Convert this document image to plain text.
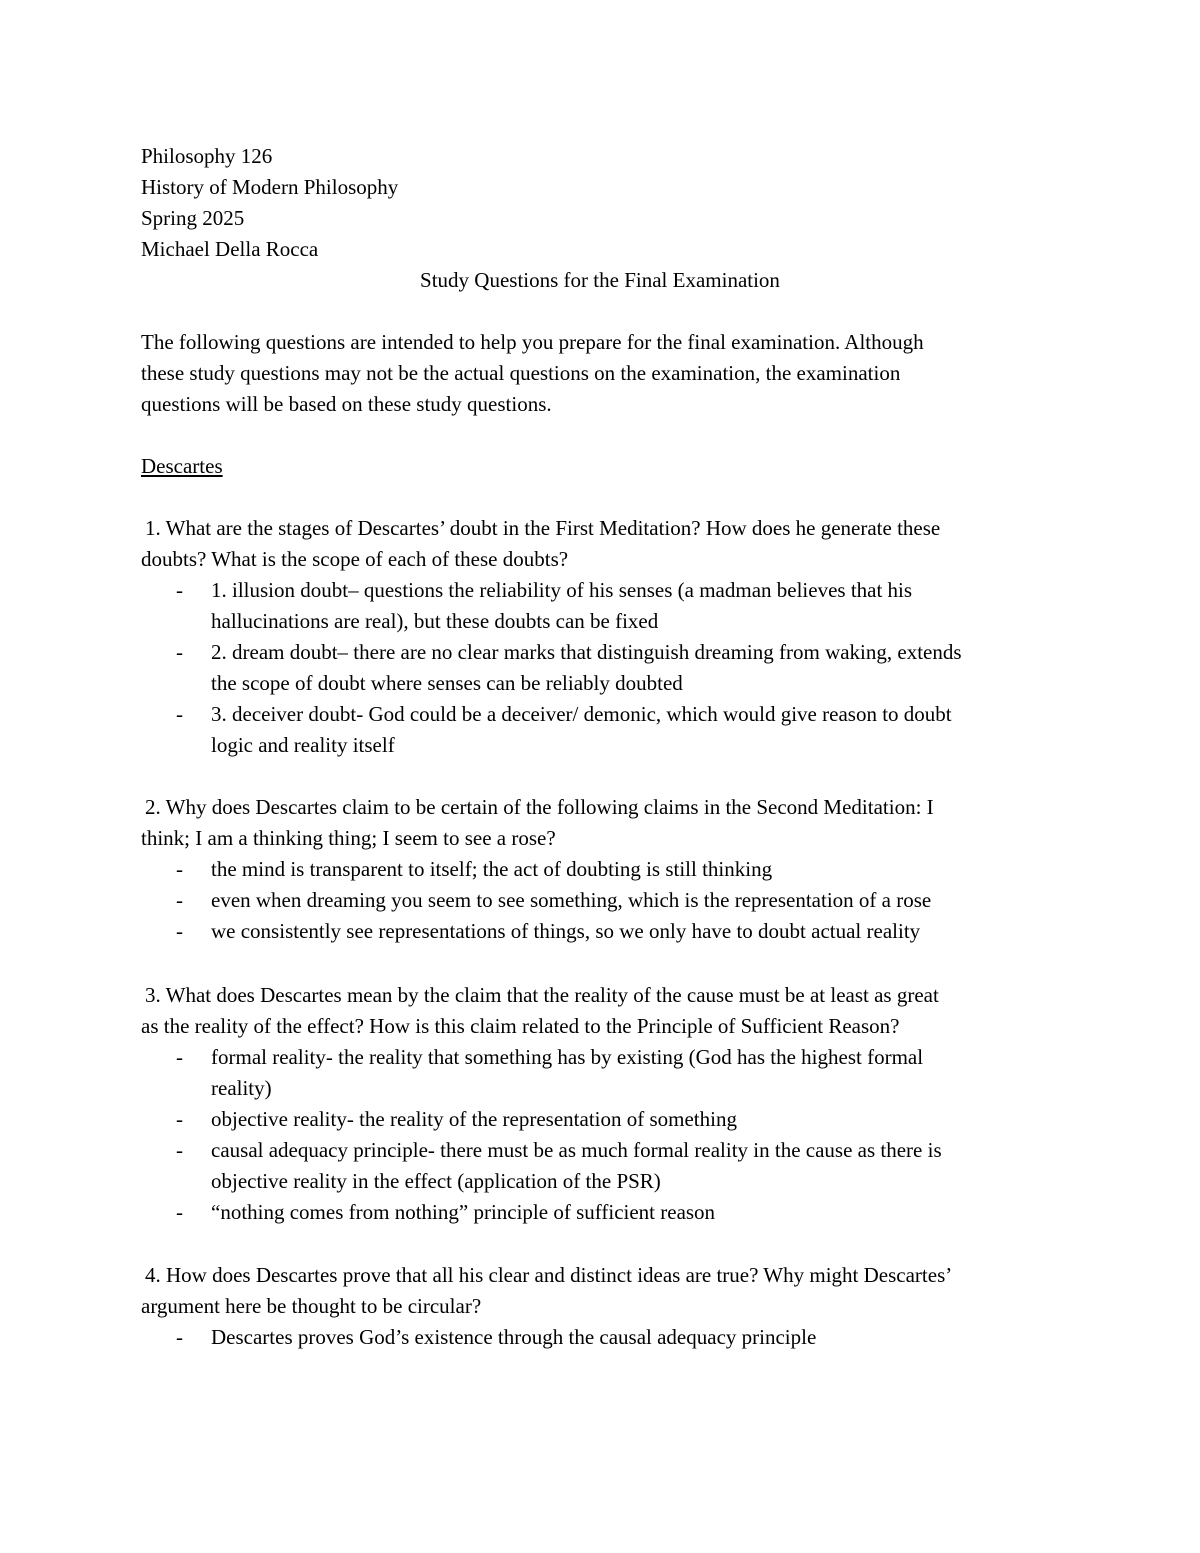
Philosophy 126
History of Modern Philosophy
Spring 2025
Michael Della Rocca
Study Questions for the Final Examination
The following questions are intended to help you prepare for the final examination. Although
these study questions may not be the actual questions on the examination, the examination
questions will be based on these study questions.
Descartes
1. What are the stages of Descartes’ doubt in the First Meditation? How does he generate these
doubts? What is the scope of each of these doubts?
- 1. illusion doubt– questions the reliability of his senses (a madman believes that his
hallucinations are real), but these doubts can be fixed
- 2. dream doubt– there are no clear marks that distinguish dreaming from waking, extends
the scope of doubt where senses can be reliably doubted
- 3. deceiver doubt- God could be a deceiver/ demonic, which would give reason to doubt
logic and reality itself
2. Why does Descartes claim to be certain of the following claims in the Second Meditation: I
think; I am a thinking thing; I seem to see a rose?
- the mind is transparent to itself; the act of doubting is still thinking
- even when dreaming you seem to see something, which is the representation of a rose
- we consistently see representations of things, so we only have to doubt actual reality
3. What does Descartes mean by the claim that the reality of the cause must be at least as great
as the reality of the effect? How is this claim related to the Principle of Sufficient Reason?
- formal reality- the reality that something has by existing (God has the highest formal
reality)
- objective reality- the reality of the representation of something
- causal adequacy principle- there must be as much formal reality in the cause as there is
objective reality in the effect (application of the PSR)
- “nothing comes from nothing” principle of sufficient reason
4. How does Descartes prove that all his clear and distinct ideas are true? Why might Descartes’
argument here be thought to be circular?
- Descartes proves God’s existence through the causal adequacy principle
